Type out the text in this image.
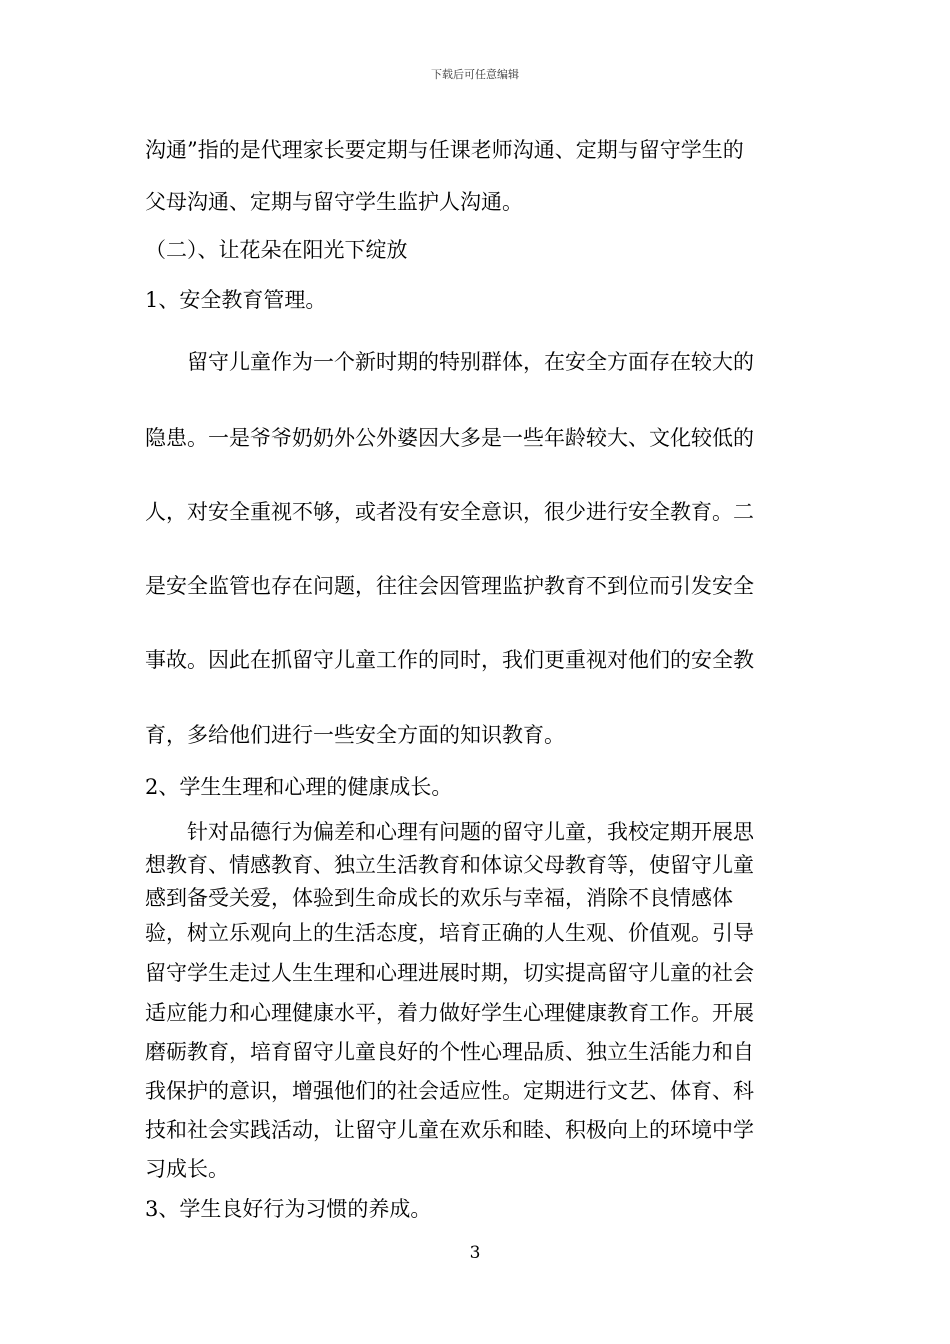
下载后可任意编辑
沟通”指的是代理家长要定期与任课老师沟通、定期与留守学生的
父母沟通、定期与留守学生监护人沟通。
（二）、让花朵在阳光下绽放
1、安全教育管理。
留守儿童作为一个新时期的特别群体，在安全方面存在较大的
隐患。一是爷爷奶奶外公外婆因大多是一些年龄较大、文化较低的
人，对安全重视不够，或者没有安全意识，很少进行安全教育。二
是安全监管也存在问题，往往会因管理监护教育不到位而引发安全
事故。因此在抓留守儿童工作的同时，我们更重视对他们的安全教
育，多给他们进行一些安全方面的知识教育。
2、学生生理和心理的健康成长。
针对品德行为偏差和心理有问题的留守儿童，我校定期开展思
想教育、情感教育、独立生活教育和体谅父母教育等，使留守儿童
感到备受关爱，体验到生命成长的欢乐与幸福，消除不良情感体
验，树立乐观向上的生活态度，培育正确的人生观、价值观。引导
留守学生走过人生生理和心理进展时期，切实提高留守儿童的社会
适应能力和心理健康水平，着力做好学生心理健康教育工作。开展
磨砺教育，培育留守儿童良好的个性心理品质、独立生活能力和自
我保护的意识，增强他们的社会适应性。定期进行文艺、体育、科
技和社会实践活动，让留守儿童在欢乐和睦、积极向上的环境中学
习成长。
3、学生良好行为习惯的养成。
3
